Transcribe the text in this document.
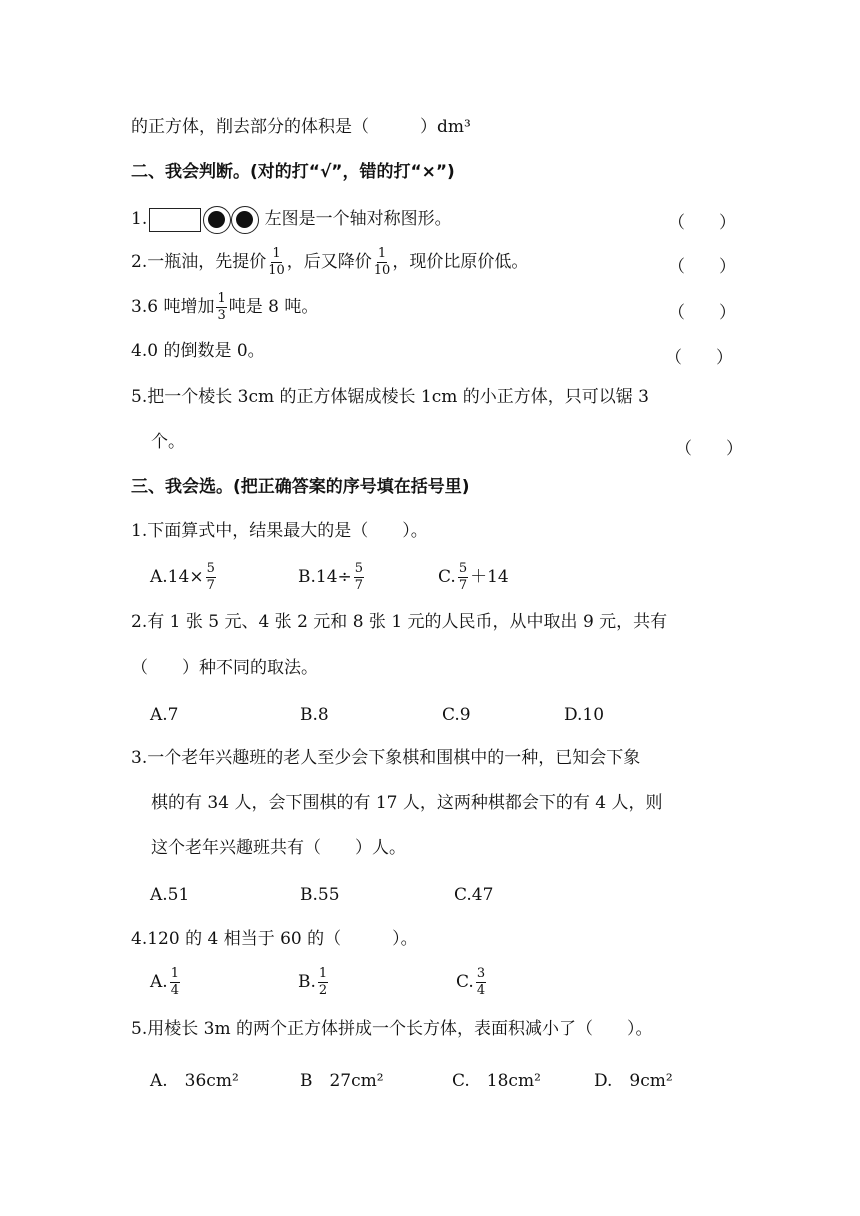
的正方体，削去部分的体积是（　　　）dm³
二、我会判断。(对的打“√”，错的打“×”)
1.	左图是一个轴对称图形。	（　　）
2.一瓶油，先提价 $\frac{1}{10}$ ，后又降价 $\frac{1}{10}$ ，现价比原价低。	（　　）
3.6 吨增加 $\frac{1}{3}$ 吨是 8 吨。	（　　）
4.0 的倒数是 0。	（　　）
5.把一个棱长 3cm 的正方体锯成棱长 1cm 的小正方体，只可以锯 3
个。	（　　）
三、我会选。(把正确答案的序号填在括号里)
1.下面算式中，结果最大的是（　　）。
$A.14\times \frac{5}{7}$	$B.14\div \frac{5}{7}$	C. $\frac{5}{7} +14$
2.有 1 张 5 元、4 张 2 元和 8 张 1 元的人民币，从中取出 9 元，共有
（　　）种不同的取法。
A.7	B.8	C.9	D.10
3.一个老年兴趣班的老人至少会下象棋和围棋中的一种，已知会下象
棋的有 34 人，会下围棋的有 17 人，这两种棋都会下的有 4 人，则
这个老年兴趣班共有（　　）人。
A.51	B.55	C.47
4.120 的 4 相当于 60 的（　　　）。
A. $\frac{1}{4}$	B. $\frac{1}{2}$	C. $\frac{3}{4}$
5.用棱长 3m 的两个正方体拼成一个长方体，表面积减小了（　　）。
A.　36cm²	B　27cm²	C.　18cm²	D.　9cm²
